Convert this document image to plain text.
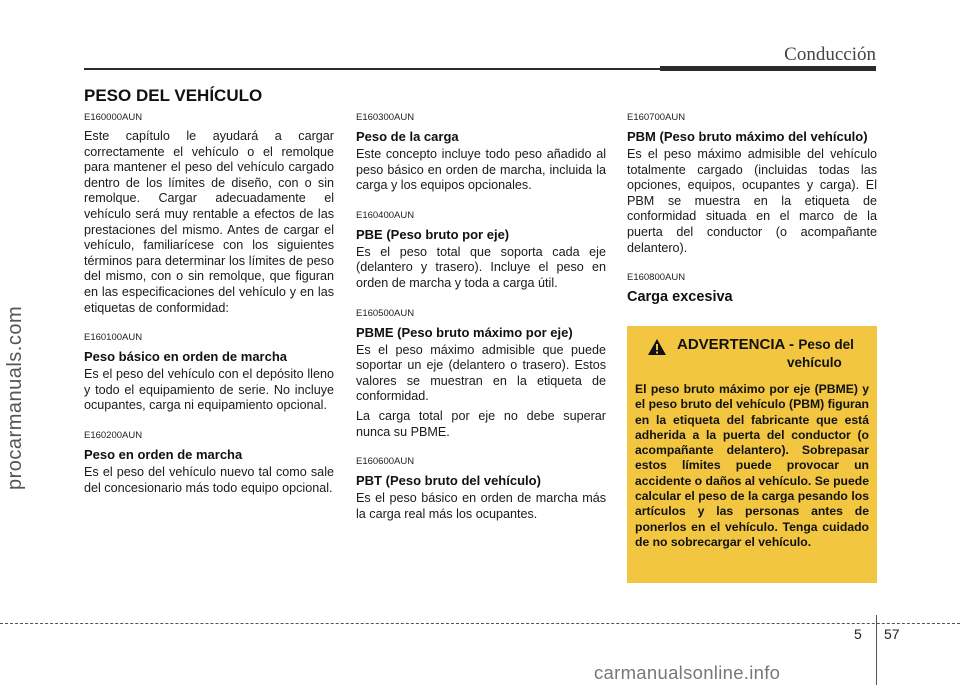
Conducción
PESO DEL VEHÍCULO
E160000AUN
Este capítulo le ayudará a cargar correctamente el vehículo o el remolque para mantener el peso del vehículo cargado dentro de los límites de diseño, con o sin remolque. Cargar adecuadamente el vehículo será muy rentable a efectos de las prestaciones del mismo. Antes de cargar el vehículo, familiarícese con los siguientes términos para determinar los límites de peso del mismo, con o sin remolque, que figuran en las especificaciones del vehículo y en las etiquetas de conformidad:
E160100AUN
Peso básico en orden de marcha
Es el peso del vehículo con el depósito lleno y todo el equipamiento de serie. No incluye ocupantes, carga ni equipamiento opcional.
E160200AUN
Peso en orden de marcha
Es el peso del vehículo nuevo tal como sale del concesionario más todo equipo opcional.
E160300AUN
Peso de la carga
Este concepto incluye todo peso añadido al peso básico en orden de marcha, incluida la carga y los equipos opcionales.
E160400AUN
PBE (Peso bruto por eje)
Es el peso total que soporta cada eje (delantero y trasero). Incluye el peso en orden de marcha y toda a carga útil.
E160500AUN
PBME (Peso bruto máximo por eje)
Es el peso máximo admisible que puede soportar un eje (delantero o trasero). Estos valores se muestran en la etiqueta de conformidad.
La carga total por eje no debe superar nunca su PBME.
E160600AUN
PBT (Peso bruto del vehículo)
Es el peso básico en orden de marcha más la carga real más los ocupantes.
E160700AUN
PBM (Peso bruto máximo del vehículo)
Es el peso máximo admisible del vehículo totalmente cargado (incluidas todas las opciones, equipos, ocupantes y carga). El PBM se muestra en la etiqueta de conformidad situada en el marco de la puerta del conductor (o acompañante delantero).
E160800AUN
Carga excesiva
ADVERTENCIA - Peso del
vehículo
El peso bruto máximo por eje (PBME) y el peso bruto del vehículo (PBM) figuran en la etiqueta del fabricante que está adherida a la puerta del conductor (o acompañante delantero). Sobrepasar estos límites puede provocar un accidente o daños al vehículo. Se puede calcular el peso de la carga pesando los artículos y las personas antes de ponerlos en el vehículo. Tenga cuidado de no sobrecargar el vehículo.
procarmanuals.com
5 57
carmanualsonline.info
